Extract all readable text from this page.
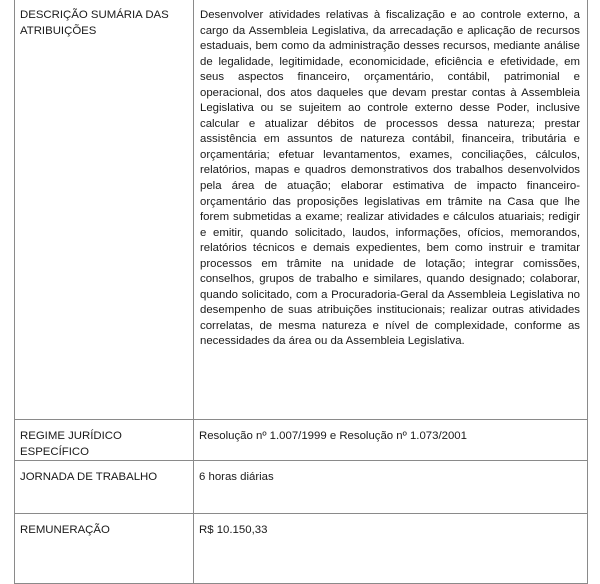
DESCRIÇÃO SUMÁRIA DAS ATRIBUIÇÕES	Desenvolver atividades relativas à fiscalização e ao controle externo, a cargo da Assembleia Legislativa, da arrecadação e aplicação de recursos estaduais, bem como da administração desses recursos, mediante análise de legalidade, legitimidade, economicidade, eficiência e efetividade, em seus aspectos financeiro, orçamentário, contábil, patrimonial e operacional, dos atos daqueles que devam prestar contas à Assembleia Legislativa ou se sujeitem ao controle externo desse Poder, inclusive calcular e atualizar débitos de processos dessa natureza; prestar assistência em assuntos de natureza contábil, financeira, tributária e orçamentária; efetuar levantamentos, exames, conciliações, cálculos, relatórios, mapas e quadros demonstrativos dos trabalhos desenvolvidos pela área de atuação; elaborar estimativa de impacto financeiro-orçamentário das proposições legislativas em trâmite na Casa que lhe forem submetidas a exame; realizar atividades e cálculos atuariais; redigir e emitir, quando solicitado, laudos, informações, ofícios, memorandos, relatórios técnicos e demais expedientes, bem como instruir e tramitar processos em trâmite na unidade de lotação; integrar comissões, conselhos, grupos de trabalho e similares, quando designado; colaborar, quando solicitado, com a Procuradoria-Geral da Assembleia Legislativa no desempenho de suas atribuições institucionais; realizar outras atividades correlatas, de mesma natureza e nível de complexidade, conforme as necessidades da área ou da Assembleia Legislativa.

REGIME JURÍDICO ESPECÍFICO	Resolução nº 1.007/1999 e Resolução nº 1.073/2001
JORNADA DE TRABALHO	6 horas diárias
REMUNERAÇÃO	R$ 10.150,33
